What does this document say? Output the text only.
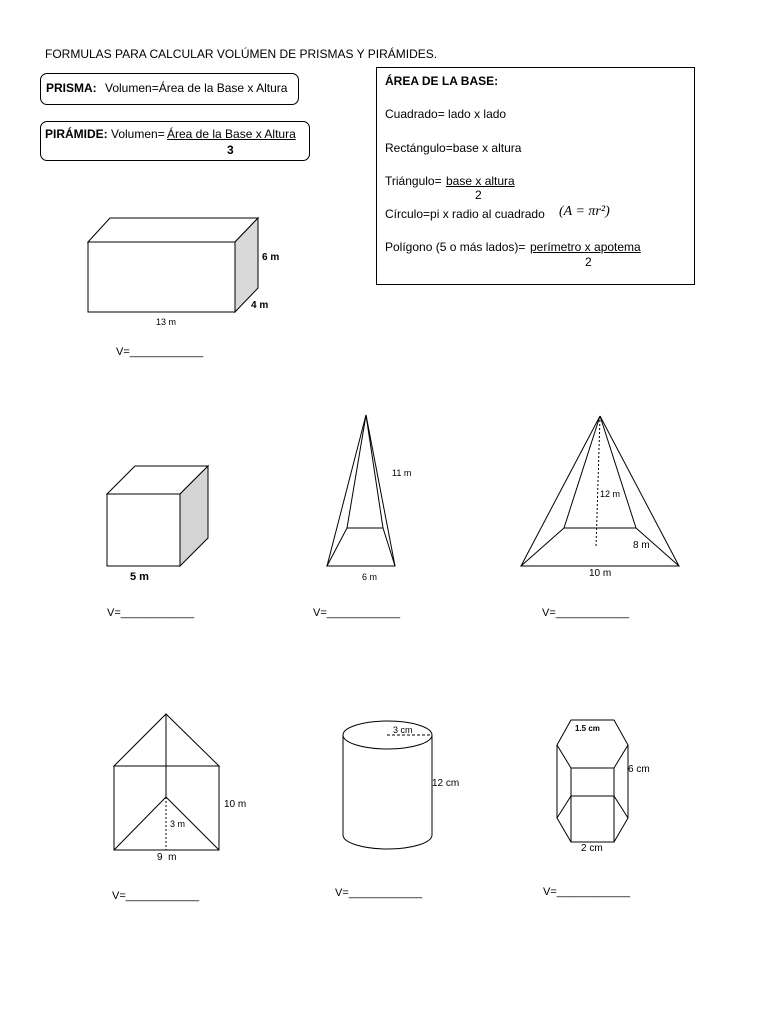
FORMULAS PARA CALCULAR VOLÚMEN DE PRISMAS Y PIRÁMIDES.
PRISMA: Volumen=Área de la Base x Altura
PIRÁMIDE: Volumen= Área de la Base x Altura
3
ÁREA DE LA BASE:
Cuadrado= lado x lado
Rectángulo=base x altura
Triángulo= base x altura
2
Círculo=pi x radio al cuadrado (A = πr²)
Polígono (5 o más lados)= perímetro x apotema
2
6 m
4 m
13 m
V=____________
5 m
V=____________
11 m
6 m
V=____________
12 m
8 m
10 m
V=____________
10 m
3 m
9  m
V=____________
3 cm
12 cm
V=____________
1.5 cm
6 cm
2 cm
V=____________
